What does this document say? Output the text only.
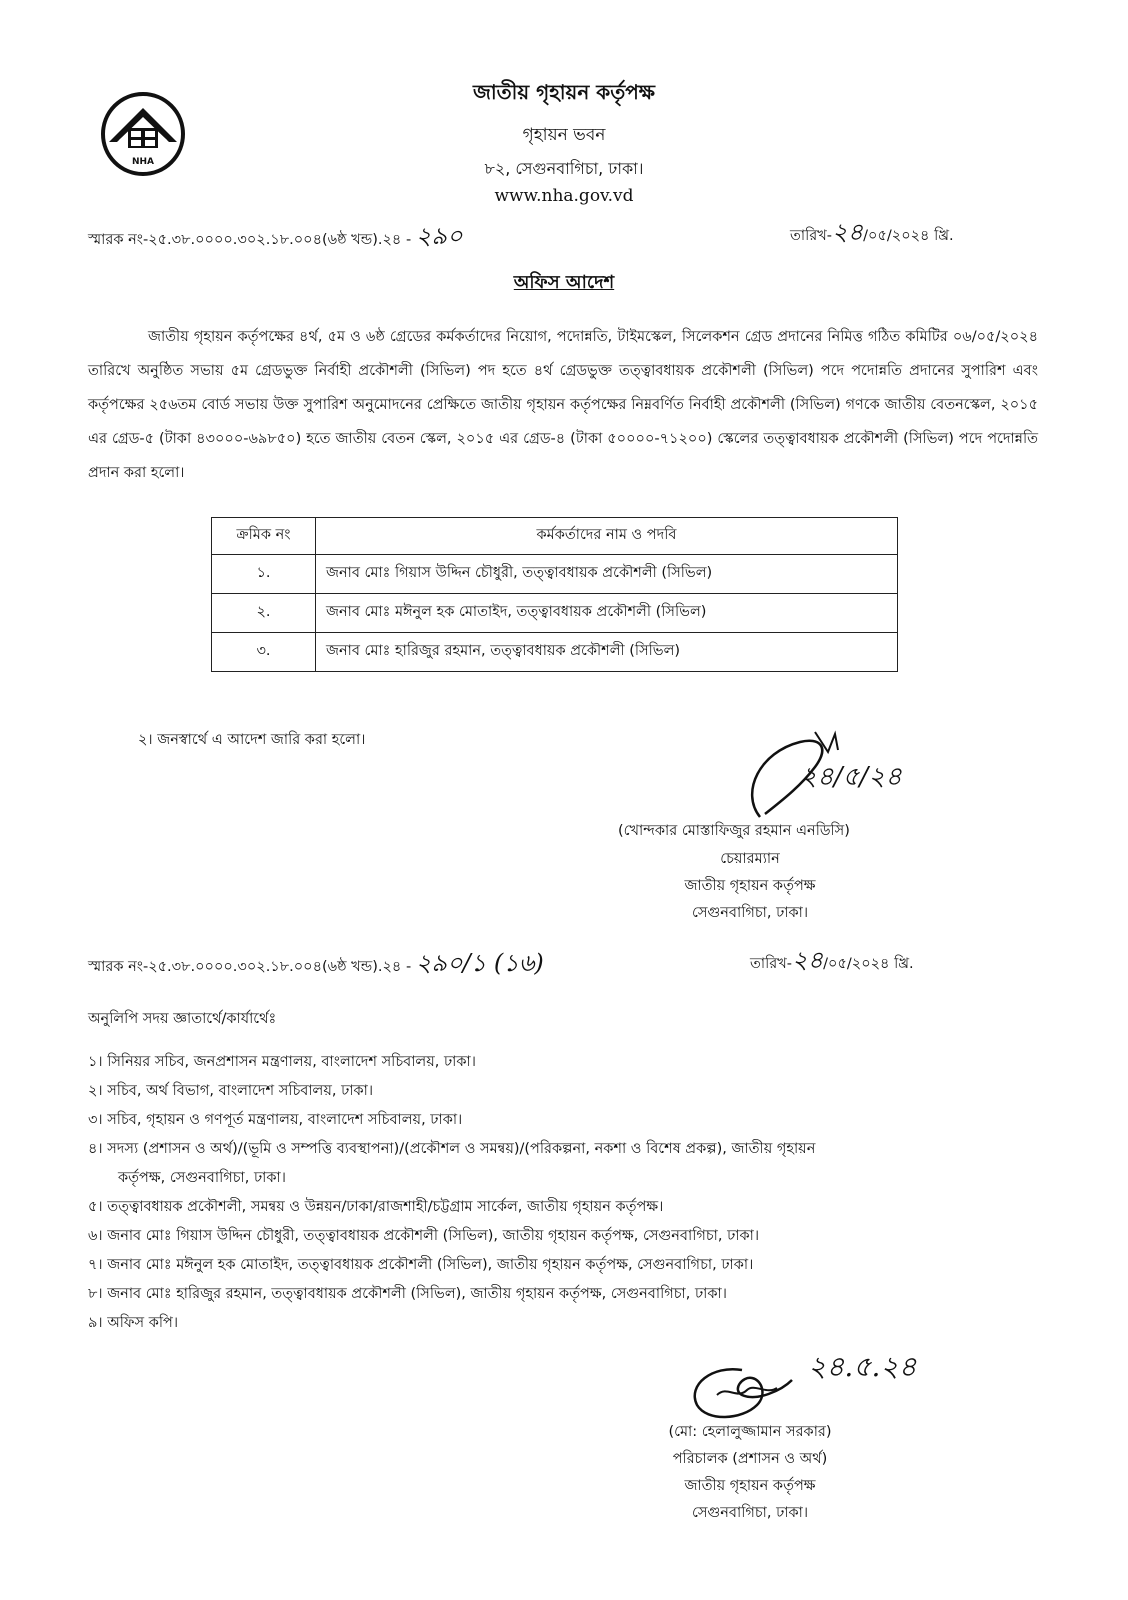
NHA
জাতীয় গৃহায়ন কর্তৃপক্ষ
গৃহায়ন ভবন
৮২, সেগুনবাগিচা, ঢাকা।
www.nha.gov.vd
স্মারক নং-২৫.৩৮.০০০০.৩০২.১৮.০০৪(৬ষ্ঠ খন্ড).২৪ - ২৯০	তারিখ-২৪/০৫/২০২৪ খ্রি.
অফিস আদেশ
জাতীয় গৃহায়ন কর্তৃপক্ষের ৪র্থ, ৫ম ও ৬ষ্ঠ গ্রেডের কর্মকর্তাদের নিয়োগ, পদোন্নতি, টাইমস্কেল, সিলেকশন গ্রেড প্রদানের নিমিত্ত গঠিত কমিটির ০৬/০৫/২০২৪ তারিখে অনুষ্ঠিত সভায় ৫ম গ্রেডভুক্ত নির্বাহী প্রকৌশলী (সিভিল) পদ হতে ৪র্থ গ্রেডভুক্ত তত্ত্বাবধায়ক প্রকৌশলী (সিভিল) পদে পদোন্নতি প্রদানের সুপারিশ এবং কর্তৃপক্ষের ২৫৬তম বোর্ড সভায় উক্ত সুপারিশ অনুমোদনের প্রেক্ষিতে জাতীয় গৃহায়ন কর্তৃপক্ষের নিম্নবর্ণিত নির্বাহী প্রকৌশলী (সিভিল) গণকে জাতীয় বেতনস্কেল, ২০১৫ এর গ্রেড-৫ (টাকা ৪৩০০০-৬৯৮৫০) হতে জাতীয় বেতন স্কেল, ২০১৫ এর গ্রেড-৪ (টাকা ৫০০০০-৭১২০০) স্কেলের তত্ত্বাবধায়ক প্রকৌশলী (সিভিল) পদে পদোন্নতি প্রদান করা হলো।
ক্রমিক নং	কর্মকর্তাদের নাম ও পদবি
১.	জনাব মোঃ গিয়াস উদ্দিন চৌধুরী, তত্ত্বাবধায়ক প্রকৌশলী (সিভিল)
২.	জনাব মোঃ মঈনুল হক মোতাইদ, তত্ত্বাবধায়ক প্রকৌশলী (সিভিল)
৩.	জনাব মোঃ হারিজুর রহমান, তত্ত্বাবধায়ক প্রকৌশলী (সিভিল)
২। জনস্বার্থে এ আদেশ জারি করা হলো।
২৪/৫/২৪
(খোন্দকার মোস্তাফিজুর রহমান এনডিসি)
চেয়ারম্যান
জাতীয় গৃহায়ন কর্তৃপক্ষ
সেগুনবাগিচা, ঢাকা।
স্মারক নং-২৫.৩৮.০০০০.৩০২.১৮.০০৪(৬ষ্ঠ খন্ড).২৪ - ২৯০/১ (১৬)	তারিখ-২৪/০৫/২০২৪ খ্রি.
অনুলিপি সদয় জ্ঞাতার্থে/কার্যার্থেঃ
১। সিনিয়র সচিব, জনপ্রশাসন মন্ত্রণালয়, বাংলাদেশ সচিবালয়, ঢাকা।
২। সচিব, অর্থ বিভাগ, বাংলাদেশ সচিবালয়, ঢাকা।
৩। সচিব, গৃহায়ন ও গণপূর্ত মন্ত্রণালয়, বাংলাদেশ সচিবালয়, ঢাকা।
৪। সদস্য (প্রশাসন ও অর্থ)/(ভূমি ও সম্পত্তি ব্যবস্থাপনা)/(প্রকৌশল ও সমন্বয়)/(পরিকল্পনা, নকশা ও বিশেষ প্রকল্প), জাতীয় গৃহায়ন
কর্তৃপক্ষ, সেগুনবাগিচা, ঢাকা।
৫। তত্ত্বাবধায়ক প্রকৌশলী, সমন্বয় ও উন্নয়ন/ঢাকা/রাজশাহী/চট্টগ্রাম সার্কেল, জাতীয় গৃহায়ন কর্তৃপক্ষ।
৬। জনাব মোঃ গিয়াস উদ্দিন চৌধুরী, তত্ত্বাবধায়ক প্রকৌশলী (সিভিল), জাতীয় গৃহায়ন কর্তৃপক্ষ, সেগুনবাগিচা, ঢাকা।
৭। জনাব মোঃ মঈনুল হক মোতাইদ, তত্ত্বাবধায়ক প্রকৌশলী (সিভিল), জাতীয় গৃহায়ন কর্তৃপক্ষ, সেগুনবাগিচা, ঢাকা।
৮। জনাব মোঃ হারিজুর রহমান, তত্ত্বাবধায়ক প্রকৌশলী (সিভিল), জাতীয় গৃহায়ন কর্তৃপক্ষ, সেগুনবাগিচা, ঢাকা।
৯। অফিস কপি।
২৪.৫.২৪
(মো: হেলালুজ্জামান সরকার)
পরিচালক (প্রশাসন ও অর্থ)
জাতীয় গৃহায়ন কর্তৃপক্ষ
সেগুনবাগিচা, ঢাকা।
